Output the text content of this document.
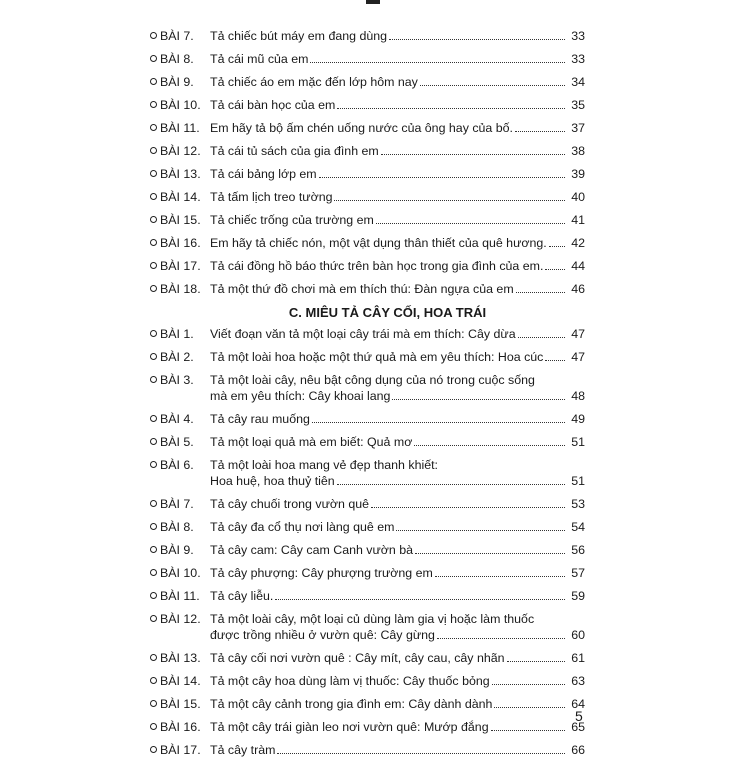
BÀI 7. Tả chiếc bút máy em đang dùng	33
BÀI 8. Tả cái mũ của em	33
BÀI 9. Tả chiếc áo em mặc đến lớp hôm nay	34
BÀI 10. Tả cái bàn học của em	35
BÀI 11. Em hãy tả bộ ấm chén uống nước của ông hay của bố.	37
BÀI 12. Tả cái tủ sách của gia đình em	38
BÀI 13. Tả cái bảng lớp em	39
BÀI 14. Tả tấm lịch treo tường	40
BÀI 15. Tả chiếc trống của trường em	41
BÀI 16. Em hãy tả chiếc nón, một vật dụng thân thiết của quê hương.	42
BÀI 17. Tả cái đồng hồ báo thức trên bàn học trong gia đình của em.	44
BÀI 18. Tả một thứ đồ chơi mà em thích thú: Đàn ngựa của em	46
C. MIÊU TẢ CÂY CỐI, HOA TRÁI
BÀI 1. Viết đoạn văn tả một loại cây trái mà em thích: Cây dừa	47
BÀI 2. Tả một loài hoa hoặc một thứ quả mà em yêu thích: Hoa cúc	47
BÀI 3. Tả một loài cây, nêu bật công dụng của nó trong cuộc sống
mà em yêu thích: Cây khoai lang	48
BÀI 4. Tả cây rau muống	49
BÀI 5. Tả một loại quả mà em biết: Quả mơ	51
BÀI 6. Tả một loài hoa mang vẻ đẹp thanh khiết:
Hoa huệ, hoa thuỷ tiên	51
BÀI 7. Tả cây chuối trong vườn quê	53
BÀI 8. Tả cây đa cổ thụ nơi làng quê em	54
BÀI 9. Tả cây cam: Cây cam Canh vườn bà	56
BÀI 10. Tả cây phượng: Cây phượng trường em	57
BÀI 11. Tả cây liễu.	59
BÀI 12. Tả một loài cây, một loại củ dùng làm gia vị hoặc làm thuốc
được trồng nhiều ở vườn quê: Cây gừng	60
BÀI 13. Tả cây cối nơi vườn quê : Cây mít, cây cau, cây nhãn	61
BÀI 14. Tả một cây hoa dùng làm vị thuốc: Cây thuốc bỏng	63
BÀI 15. Tả một cây cảnh trong gia đình em: Cây dành dành	64
BÀI 16. Tả một cây trái giàn leo nơi vườn quê: Mướp đắng	65
BÀI 17. Tả cây tràm	66
5
